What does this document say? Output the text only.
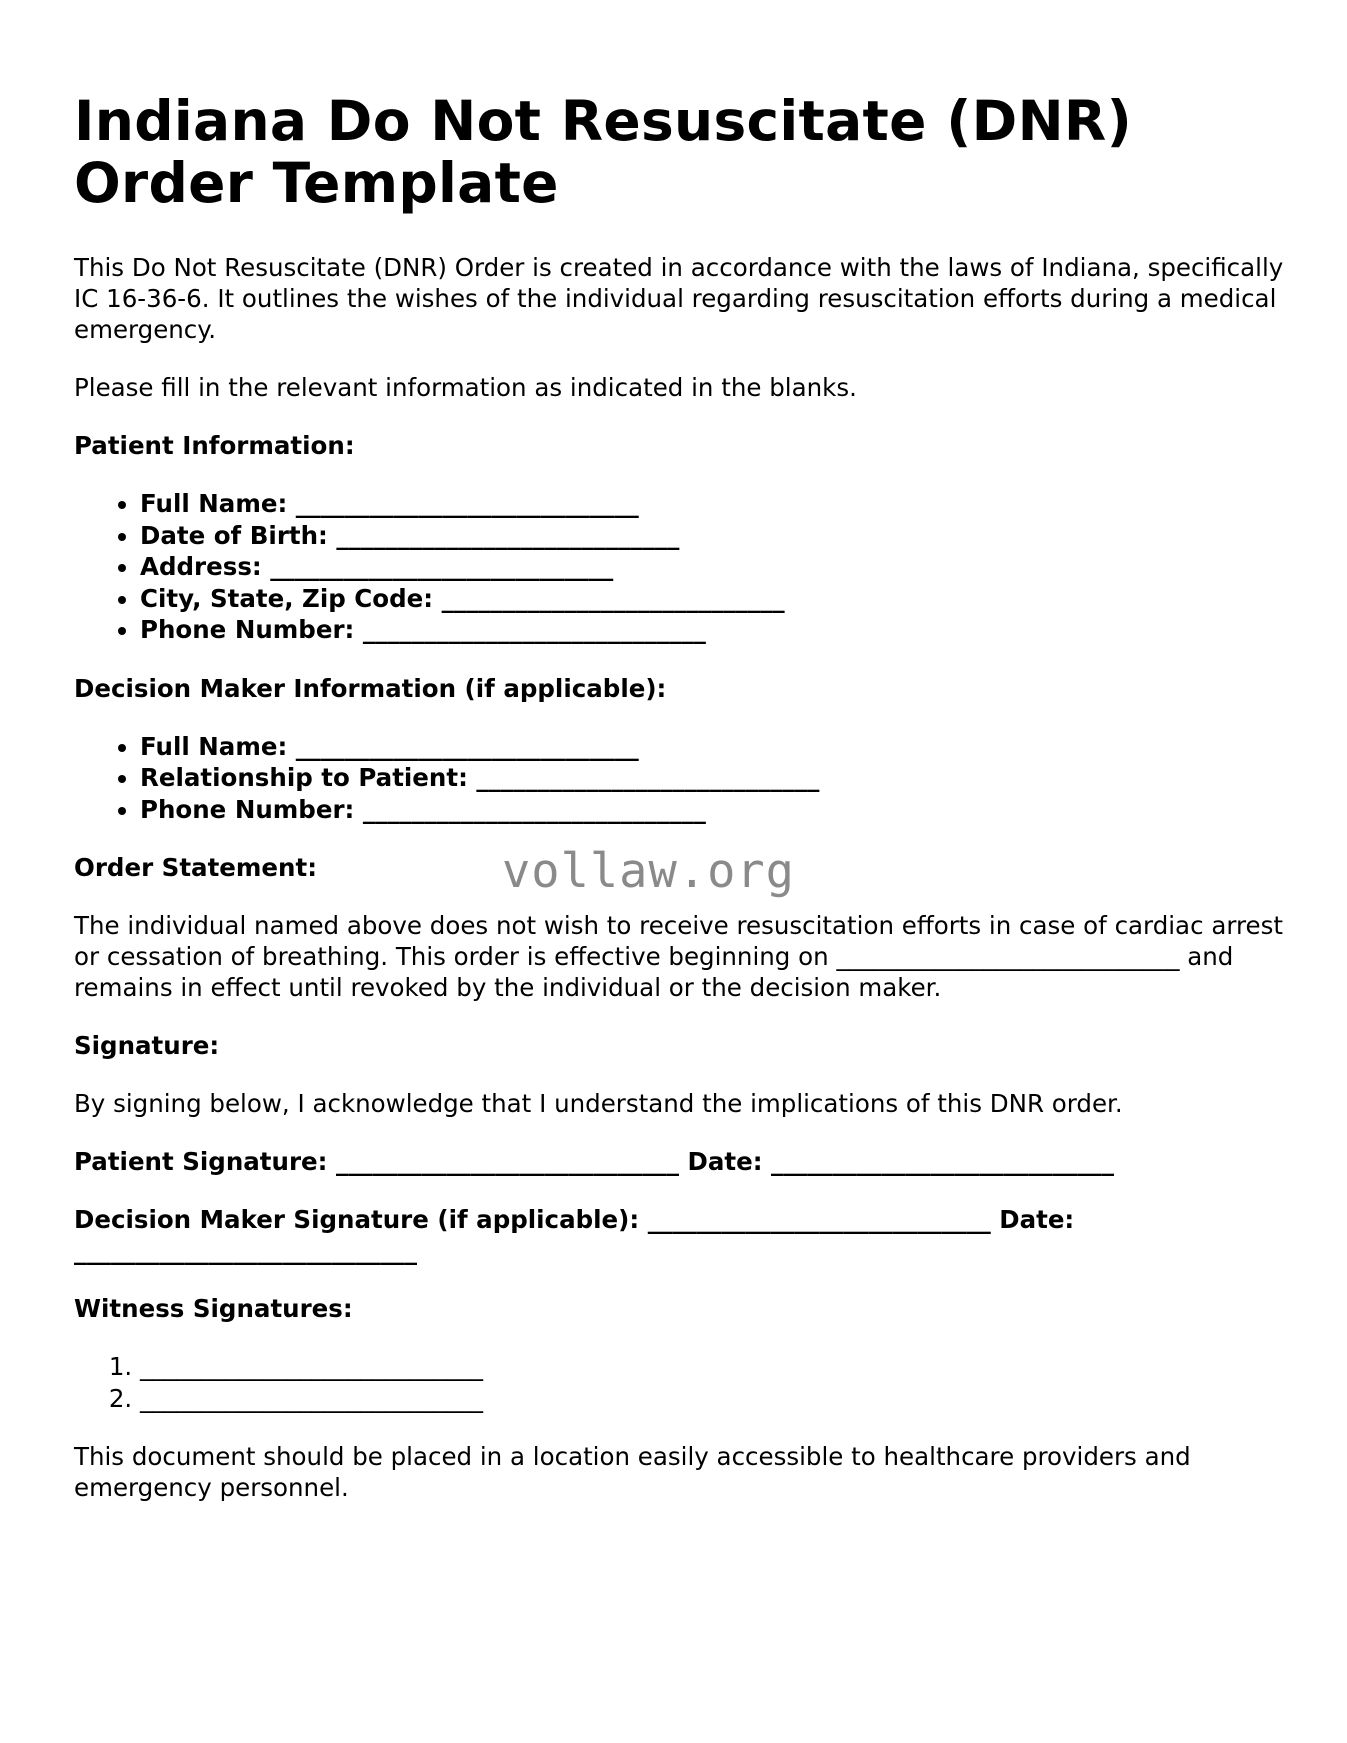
Indiana Do Not Resuscitate (DNR)
Order Template

This Do Not Resuscitate (DNR) Order is created in accordance with the laws of Indiana, specifically IC 16-36-6. It outlines the wishes of the individual regarding resuscitation efforts during a medical emergency.

Please fill in the relevant information as indicated in the blanks.

Patient Information:

• Full Name: ____________________________
• Date of Birth: ____________________________
• Address: ____________________________
• City, State, Zip Code: ____________________________
• Phone Number: ____________________________

Decision Maker Information (if applicable):

• Full Name: ____________________________
• Relationship to Patient: ____________________________
• Phone Number: ____________________________

Order Statement:

The individual named above does not wish to receive resuscitation efforts in case of cardiac arrest or cessation of breathing. This order is effective beginning on ____________________________ and remains in effect until revoked by the individual or the decision maker.

Signature:

By signing below, I acknowledge that I understand the implications of this DNR order.

Patient Signature: ____________________________ Date: ____________________________

Decision Maker Signature (if applicable): ____________________________ Date:
____________________________

Witness Signatures:

1. ____________________________
2. ____________________________

This document should be placed in a location easily accessible to healthcare providers and emergency personnel.

vollaw.org
